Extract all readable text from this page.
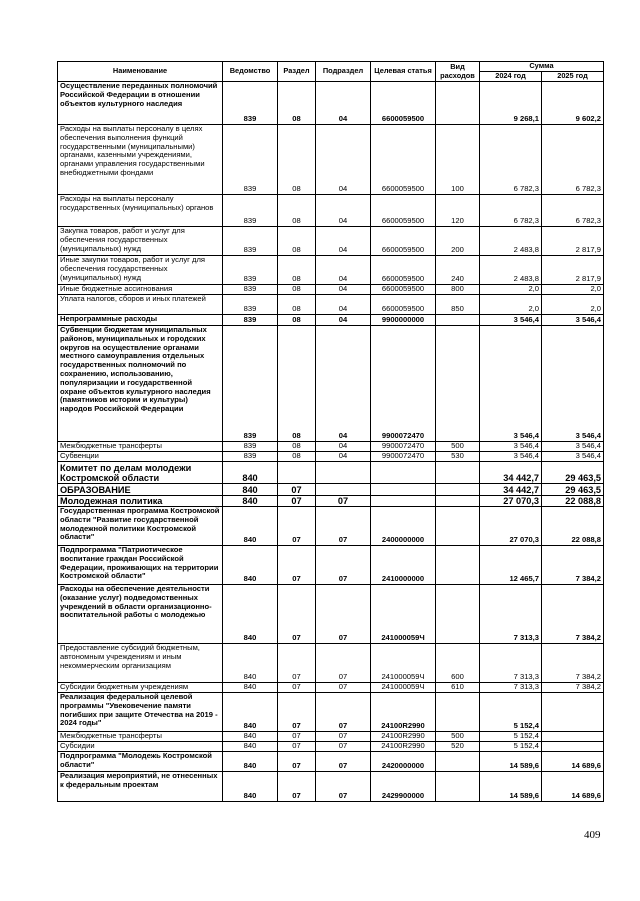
Наименование	Ведомство	Раздел	Подраздел	Целевая статья	Вид расходов	Сумма	
						2024 год	2025 год
Осуществление переданных полномочий Российской Федерации в отношении объектов культурного наследия	839	08	04	6600059500		9 268,1	9 602,2
Расходы на выплаты персоналу в целях обеспечения выполнения функций государственными (муниципальными) органами, казенными учреждениями, органами управления государственными внебюджетными фондами	839	08	04	6600059500	100	6 782,3	6 782,3
Расходы на выплаты персоналу государственных (муниципальных) органов	839	08	04	6600059500	120	6 782,3	6 782,3
Закупка товаров, работ и услуг для обеспечения государственных (муниципальных) нужд	839	08	04	6600059500	200	2 483,8	2 817,9
Иные закупки товаров, работ и услуг для обеспечения государственных (муниципальных) нужд	839	08	04	6600059500	240	2 483,8	2 817,9
Иные бюджетные ассигнования	839	08	04	6600059500	800	2,0	2,0
Уплата налогов, сборов и иных платежей	839	08	04	6600059500	850	2,0	2,0
Непрограммные расходы	839	08	04	9900000000		3 546,4	3 546,4
Субвенции бюджетам муниципальных районов, муниципальных и городских округов на осуществление органами местного самоуправления отдельных государственных полномочий по сохранению, использованию, популяризации и государственной охране объектов культурного наследия (памятников истории и культуры) народов Российской Федерации	839	08	04	9900072470		3 546,4	3 546,4
Межбюджетные трансферты	839	08	04	9900072470	500	3 546,4	3 546,4
Субвенции	839	08	04	9900072470	530	3 546,4	3 546,4
Комитет по делам молодежи Костромской области	840					34 442,7	29 463,5
ОБРАЗОВАНИЕ	840	07				34 442,7	29 463,5
Молодежная политика	840	07	07			27 070,3	22 088,8
Государственная программа Костромской области "Развитие государственной молодежной политики Костромской области"	840	07	07	2400000000		27 070,3	22 088,8
Подпрограмма "Патриотическое воспитание граждан Российской Федерации, проживающих на территории Костромской области"	840	07	07	2410000000		12 465,7	7 384,2
Расходы на обеспечение деятельности (оказание услуг) подведомственных учреждений в области организационно-воспитательной работы с молодежью	840	07	07	241000059Ч		7 313,3	7 384,2
Предоставление субсидий бюджетным, автономным учреждениям и иным некоммерческим организациям	840	07	07	241000059Ч	600	7 313,3	7 384,2
Субсидии бюджетным учреждениям	840	07	07	241000059Ч	610	7 313,3	7 384,2
Реализация федеральной целевой программы "Увековечение памяти погибших при защите Отечества на 2019 - 2024 годы"	840	07	07	24100R2990		5 152,4	
Межбюджетные трансферты	840	07	07	24100R2990	500	5 152,4	
Субсидии	840	07	07	24100R2990	520	5 152,4	
Подпрограмма "Молодежь Костромской области"	840	07	07	2420000000		14 589,6	14 689,6
Реализация мероприятий, не отнесенных к федеральным проектам	840	07	07	2429900000		14 589,6	14 689,6
409
